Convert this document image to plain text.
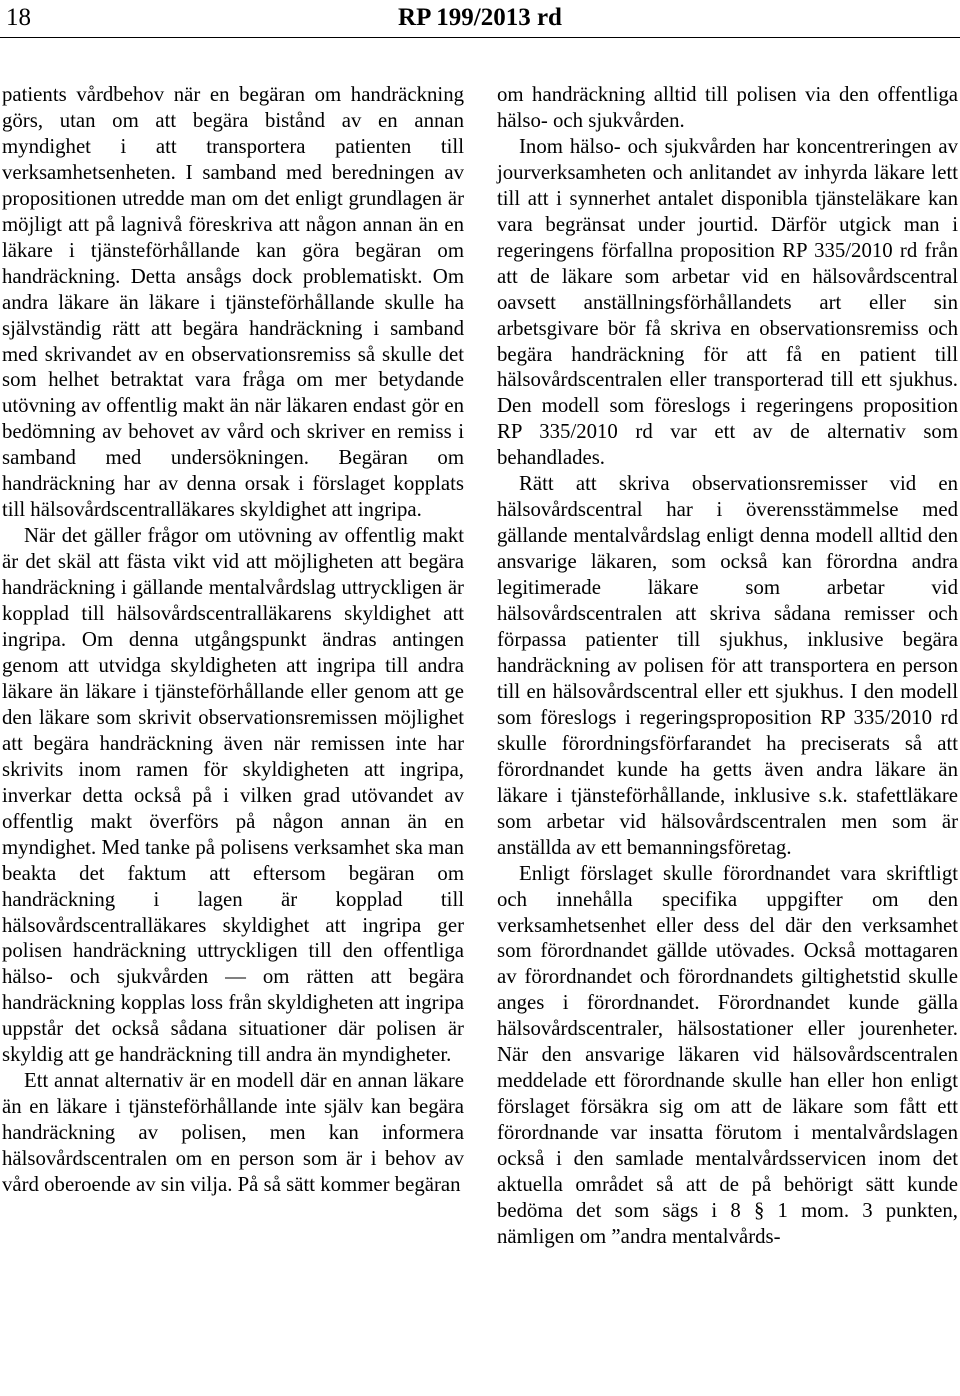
18	RP 199/2013 rd

patients vårdbehov när en begäran om handräckning görs, utan om att begära bistånd av en annan myndighet i att transportera patienten till verksamhetsenheten. I samband med beredningen av propositionen utredde man om det enligt grundlagen är möjligt att på lagnivå föreskriva att någon annan än en läkare i tjänsteförhållande kan göra begäran om handräckning. Detta ansågs dock problematiskt. Om andra läkare än läkare i tjänsteförhållande skulle ha självständig rätt att begära handräckning i samband med skrivandet av en observationsremiss så skulle det som helhet betraktat vara fråga om mer betydande utövning av offentlig makt än när läkaren endast gör en bedömning av behovet av vård och skriver en remiss i samband med undersökningen. Begäran om handräckning har av denna orsak i förslaget kopplats till hälsovårdscentralläkares skyldighet att ingripa.

När det gäller frågor om utövning av offentlig makt är det skäl att fästa vikt vid att möjligheten att begära handräckning i gällande mentalvårdslag uttryckligen är kopplad till hälsovårdscentralläkarens skyldighet att ingripa. Om denna utgångspunkt ändras antingen genom att utvidga skyldigheten att ingripa till andra läkare än läkare i tjänsteförhållande eller genom att ge den läkare som skrivit observationsremissen möjlighet att begära handräckning även när remissen inte har skrivits inom ramen för skyldigheten att ingripa, inverkar detta också på i vilken grad utövandet av offentlig makt överförs på någon annan än en myndighet. Med tanke på polisens verksamhet ska man beakta det faktum att eftersom begäran om handräckning i lagen är kopplad till hälsovårdscentralläkares skyldighet att ingripa ger polisen handräckning uttryckligen till den offentliga hälso- och sjukvården — om rätten att begära handräckning kopplas loss från skyldigheten att ingripa uppstår det också sådana situationer där polisen är skyldig att ge handräckning till andra än myndigheter.

Ett annat alternativ är en modell där en annan läkare än en läkare i tjänsteförhållande inte själv kan begära handräckning av polisen, men kan informera hälsovårdscentralen om en person som är i behov av vård oberoende av sin vilja. På så sätt kommer begäran

om handräckning alltid till polisen via den offentliga hälso- och sjukvården.

Inom hälso- och sjukvården har koncentreringen av jourverksamheten och anlitandet av inhyrda läkare lett till att i synnerhet antalet disponibla tjänsteläkare kan vara begränsat under jourtid. Därför utgick man i regeringens förfallna proposition RP 335/2010 rd från att de läkare som arbetar vid en hälsovårdscentral oavsett anställningsförhållandets art eller sin arbetsgivare bör få skriva en observationsremiss och begära handräckning för att få en patient till hälsovårdscentralen eller transporterad till ett sjukhus. Den modell som föreslogs i regeringens proposition RP 335/2010 rd var ett av de alternativ som behandlades.

Rätt att skriva observationsremisser vid en hälsovårdscentral har i överensstämmelse med gällande mentalvårdslag enligt denna modell alltid den ansvarige läkaren, som också kan förordna andra legitimerade läkare som arbetar vid hälsovårdscentralen att skriva sådana remisser och förpassa patienter till sjukhus, inklusive begära handräckning av polisen för att transportera en person till en hälsovårdscentral eller ett sjukhus. I den modell som föreslogs i regeringsproposition RP 335/2010 rd skulle förordningsförfarandet ha preciserats så att förordnandet kunde ha getts även andra läkare än läkare i tjänsteförhållande, inklusive s.k. stafettläkare som arbetar vid hälsovårdscentralen men som är anställda av ett bemanningsföretag.

Enligt förslaget skulle förordnandet vara skriftligt och innehålla specifika uppgifter om den verksamhetsenhet eller dess del där den verksamhet som förordnandet gällde utövades. Också mottagaren av förordnandet och förordnandets giltighetstid skulle anges i förordnandet. Förordnandet kunde gälla hälsovårdscentraler, hälsostationer eller jourenheter. När den ansvarige läkaren vid hälsovårdscentralen meddelade ett förordnande skulle han eller hon enligt förslaget försäkra sig om att de läkare som fått ett förordnande var insatta förutom i mentalvårdslagen också i den samlade mentalvårdsservicen inom det aktuella området så att de på behörigt sätt kunde bedöma det som sägs i 8 § 1 mom. 3 punkten, nämligen om ”andra mentalvårds-
